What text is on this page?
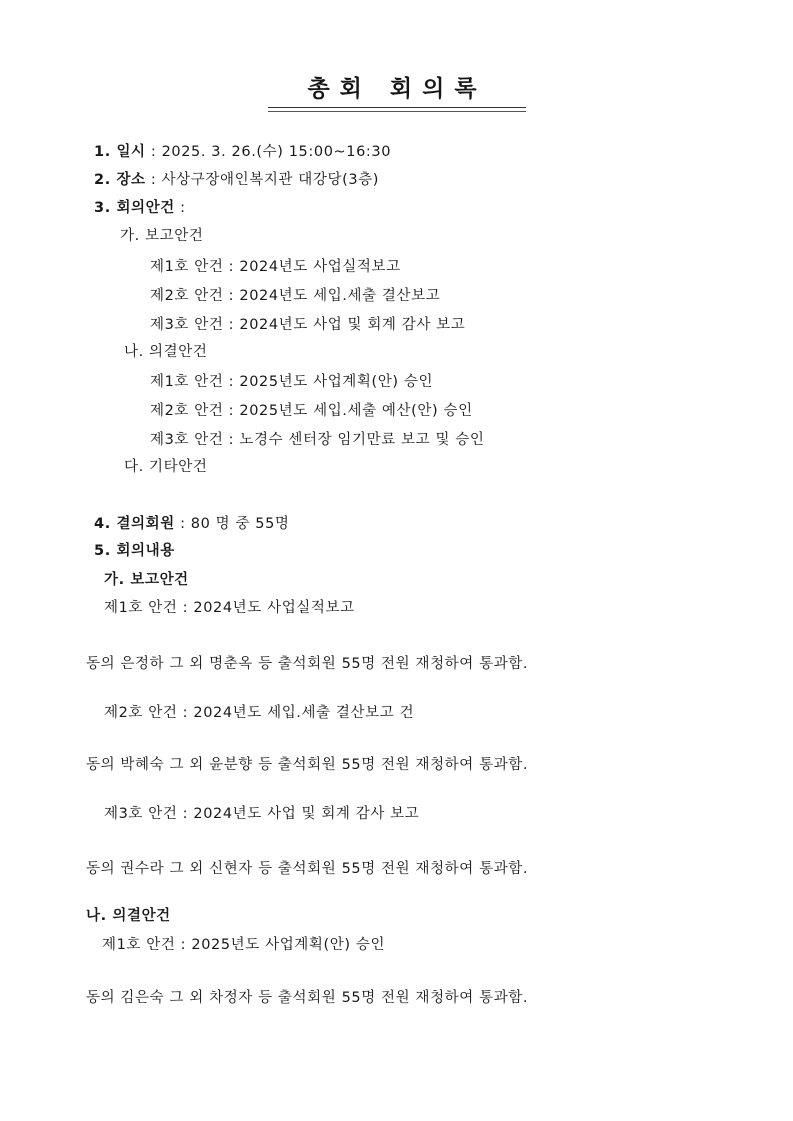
총회 회의록
1. 일시 : 2025. 3. 26.(수) 15:00~16:30
2. 장소 : 사상구장애인복지관 대강당(3층)
3. 회의안건 :
가. 보고안건
제1호 안건 : 2024년도 사업실적보고
제2호 안건 : 2024년도 세입.세출 결산보고
제3호 안건 : 2024년도 사업 및 회계 감사 보고
나. 의결안건
제1호 안건 : 2025년도 사업계획(안) 승인
제2호 안건 : 2025년도 세입.세출 예산(안) 승인
제3호 안건 : 노경수 센터장 임기만료 보고 및 승인
다. 기타안건
4. 결의회원 : 80 명 중 55명
5. 회의내용
가. 보고안건
제1호 안건 : 2024년도 사업실적보고
동의 은정하 그 외 명춘옥 등 출석회원 55명 전원 재청하여 통과함.
제2호 안건 : 2024년도 세입.세출 결산보고 건
동의 박혜숙 그 외 윤분향 등 출석회원 55명 전원 재청하여 통과함.
제3호 안건 : 2024년도 사업 및 회계 감사 보고
동의 권수라 그 외 신현자 등 출석회원 55명 전원 재청하여 통과함.
나. 의결안건
제1호 안건 : 2025년도 사업계획(안) 승인
동의 김은숙 그 외 차정자 등 출석회원 55명 전원 재청하여 통과함.
